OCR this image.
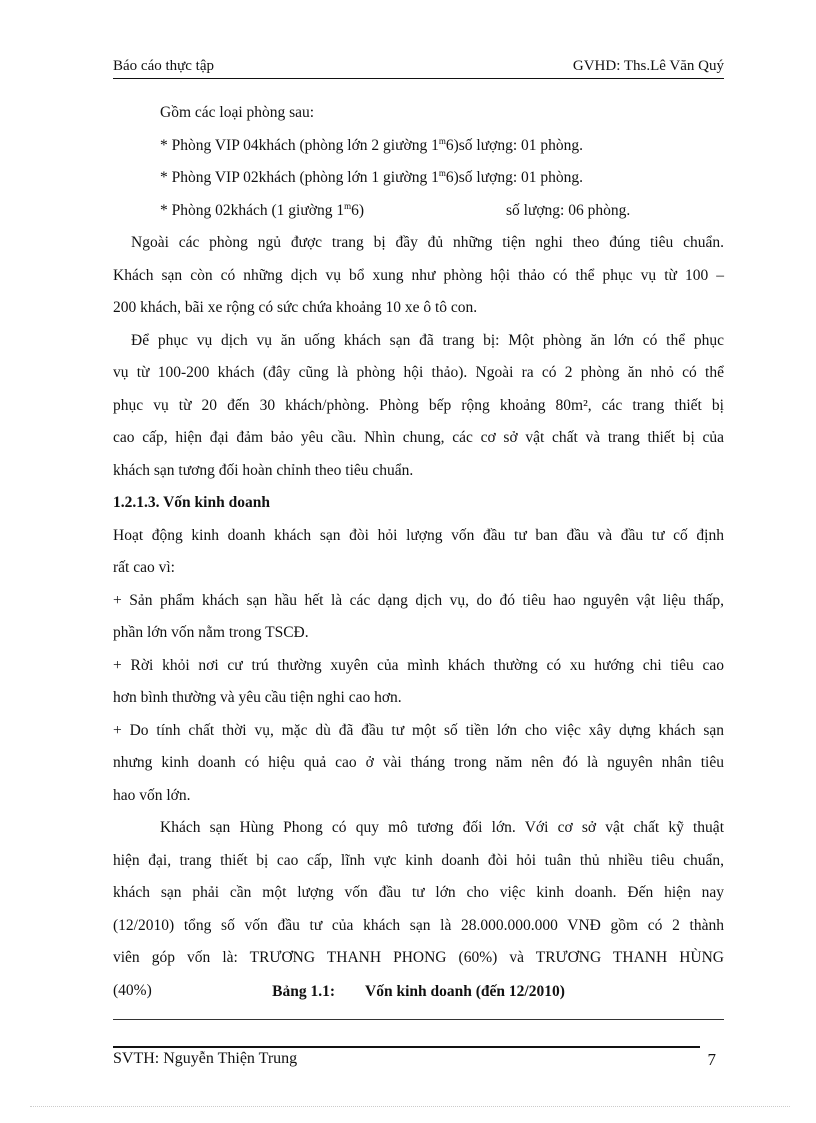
Báo cáo thực tập	GVHD: Ths.Lê Văn Quý
Gồm các loại phòng sau:
* Phòng VIP 04khách (phòng lớn 2 giường 1$^m$6)số lượng: 01 phòng.
* Phòng VIP 02khách (phòng lớn 1 giường 1$^m$6)số lượng: 01 phòng.
* Phòng 02khách (1 giường 1$^m$6)	số lượng: 06 phòng.
Ngoài các phòng ngủ được trang bị đầy đủ những tiện nghi theo đúng tiêu chuẩn.
Khách sạn còn có những dịch vụ bổ xung như phòng hội thảo có thể phục vụ từ 100 –
200 khách, bãi xe rộng có sức chứa khoảng 10 xe ô tô con.
Để phục vụ dịch vụ ăn uống khách sạn đã trang bị: Một phòng ăn lớn có thể phục
vụ từ 100-200 khách (đây cũng là phòng hội thảo). Ngoài ra có 2 phòng ăn nhỏ có thể
phục vụ từ 20 đến 30 khách/phòng. Phòng bếp rộng khoảng 80m², các trang thiết bị
cao cấp, hiện đại đảm bảo yêu cầu. Nhìn chung, các cơ sở vật chất và trang thiết bị của
khách sạn tương đối hoàn chỉnh theo tiêu chuẩn.
1.2.1.3. Vốn kinh doanh
Hoạt động kinh doanh khách sạn đòi hỏi lượng vốn đầu tư ban đầu và đầu tư cố định
rất cao vì:
+ Sản phẩm khách sạn hầu hết là các dạng dịch vụ, do đó tiêu hao nguyên vật liệu thấp,
phần lớn vốn nằm trong TSCĐ.
+ Rời khỏi nơi cư trú thường xuyên của mình khách thường có xu hướng chi tiêu cao
hơn bình thường và yêu cầu tiện nghi cao hơn.
+ Do tính chất thời vụ, mặc dù đã đầu tư một số tiền lớn cho việc xây dựng khách sạn
nhưng kinh doanh có hiệu quả cao ở vài tháng trong năm nên đó là nguyên nhân tiêu
hao vốn lớn.
Khách sạn Hùng Phong có quy mô tương đối lớn. Với cơ sở vật chất kỹ thuật
hiện đại, trang thiết bị cao cấp, lĩnh vực kinh doanh đòi hỏi tuân thủ nhiều tiêu chuẩn,
khách sạn phải cần một lượng vốn đầu tư lớn cho việc kinh doanh. Đến hiện nay
(12/2010) tổng số vốn đầu tư của khách sạn là 28.000.000.000 VNĐ gồm có 2 thành
viên góp vốn là: TRƯƠNG THANH PHONG (60%) và TRƯƠNG THANH HÙNG
(40%)	Bảng 1.1: Vốn kinh doanh (đến 12/2010)
SVTH: Nguyễn Thiện Trung	7
